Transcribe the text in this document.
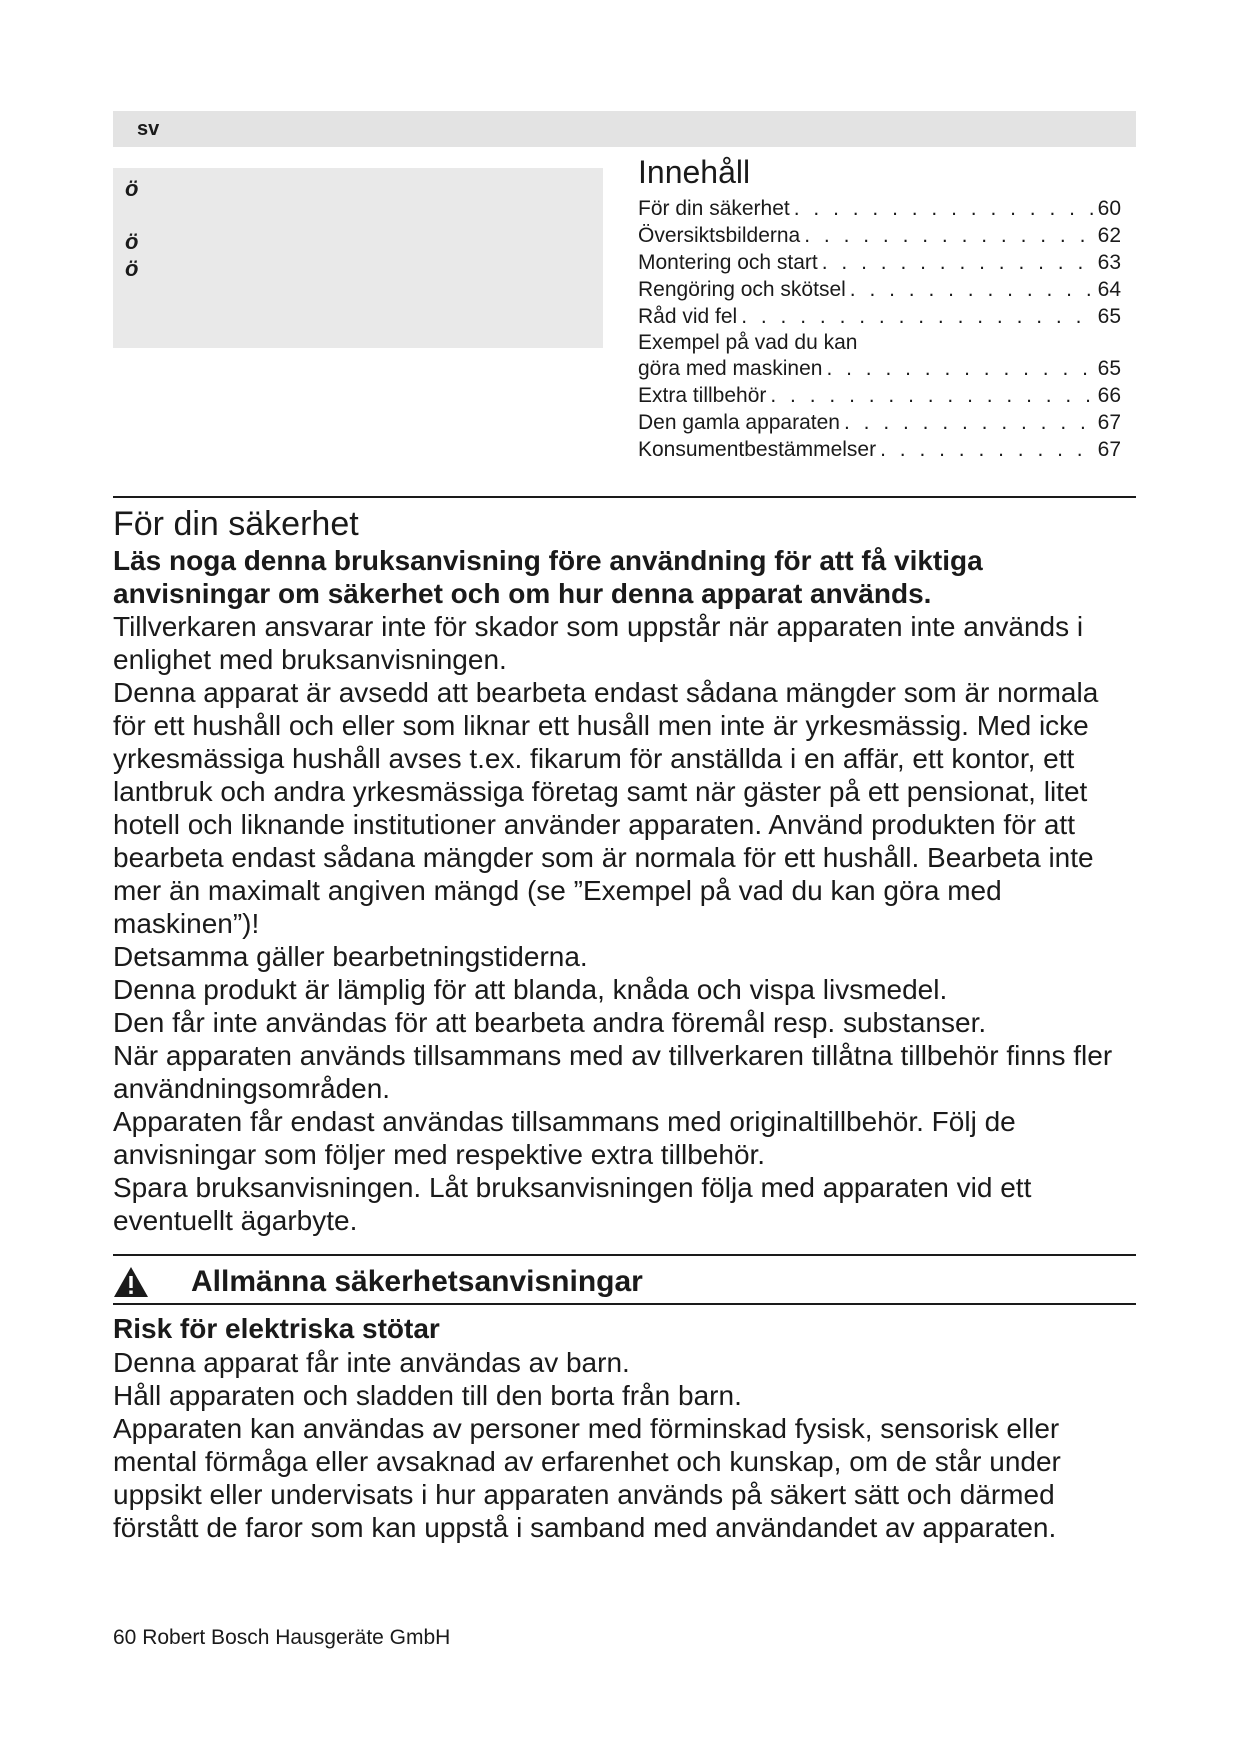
sv
ö
ö
ö
Innehåll
För din säkerhet . . .	60
Översiktsbilderna . . .	62
Montering och start . . .	63
Rengöring och skötsel . . .	64
Råd vid fel . . .	65
Exempel på vad du kan
göra med maskinen . . .	65
Extra tillbehör . . .	66
Den gamla apparaten . . .	67
Konsumentbestämmelser . . .	67
För din säkerhet

Läs noga denna bruksanvisning före användning för att få viktiga anvisningar om säkerhet och om hur denna apparat används.

Tillverkaren ansvarar inte för skador som uppstår när apparaten inte används i enlighet med bruksanvisningen.

Denna apparat är avsedd att bearbeta endast sådana mängder som är normala för ett hushåll och eller som liknar ett husåll men inte är yrkesmässig. Med icke yrkesmässiga hushåll avses t.ex. fikarum för anställda i en affär, ett kontor, ett lantbruk och andra yrkesmässiga företag samt när gäster på ett pensionat, litet hotell och liknande institutioner använder apparaten. Använd produkten för att bearbeta endast sådana mängder som är normala för ett hushåll. Bearbeta inte mer än maximalt angiven mängd (se ”Exempel på vad du kan göra med maskinen”)!

Detsamma gäller bearbetningstiderna.

Denna produkt är lämplig för att blanda, knåda och vispa livsmedel.

Den får inte användas för att bearbeta andra föremål resp. substanser.

När apparaten används tillsammans med av tillverkaren tillåtna tillbehör finns fler användningsområden.

Apparaten får endast användas tillsammans med originaltillbehör. Följ de anvisningar som följer med respektive extra tillbehör.

Spara bruksanvisningen. Låt bruksanvisningen följa med apparaten vid ett eventuellt ägarbyte.

Allmänna säkerhetsanvisningar
Risk för elektriska stötar

Denna apparat får inte användas av barn.

Håll apparaten och sladden till den borta från barn.

Apparaten kan användas av personer med förminskad fysisk, sensorisk eller mental förmåga eller avsaknad av erfarenhet och kunskap, om de står under uppsikt eller undervisats i hur apparaten används på säkert sätt och därmed förstått de faror som kan uppstå i samband med användandet av apparaten.

60 Robert Bosch Hausgeräte GmbH
